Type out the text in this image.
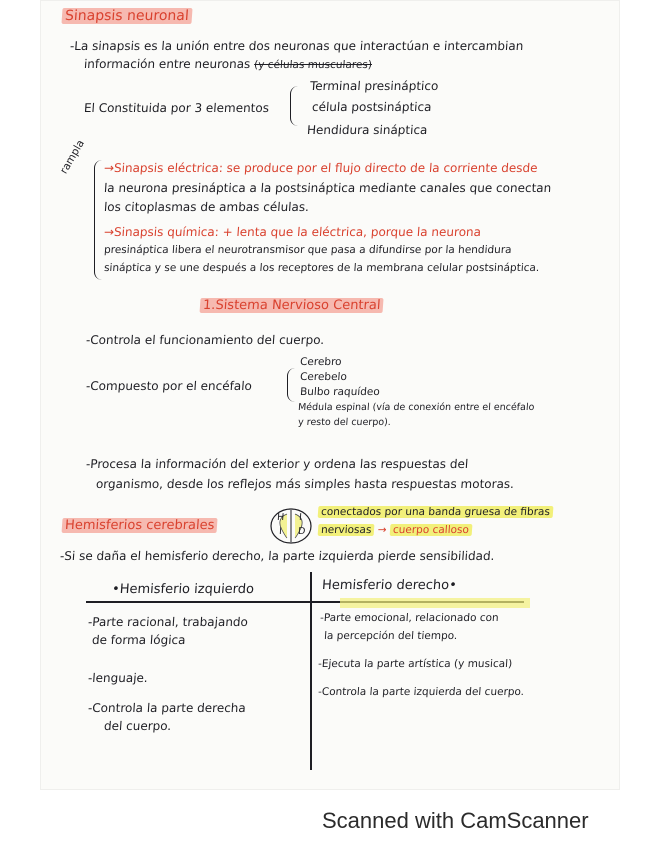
Sinapsis neuronal
-La sinapsis es la unión entre dos neuronas que interactúan e intercambian
información entre neuronas (y células musculares)
El Constituida por 3 elementos
Terminal presináptico
célula postsináptica
Hendidura sináptica
rampla →Sinapsis eléctrica: se produce por el flujo directo de la corriente desde
la neurona presináptica a la postsináptica mediante canales que conectan
los citoplasmas de ambas células.
→Sinapsis química: + lenta que la eléctrica, porque la neurona
presináptica libera el neurotransmisor que pasa a difundirse por la hendidura
sináptica y se une después a los receptores de la membrana celular postsináptica.
1.Sistema Nervioso Central
-Controla el funcionamiento del cuerpo.
-Compuesto por el encéfalo
Cerebro
Cerebelo
Bulbo raquídeo
Médula espinal (vía de conexión entre el encéfalo
y resto del cuerpo).
-Procesa la información del exterior y ordena las respuestas del
organismo, desde los reflejos más simples hasta respuestas motoras.
Hemisferios cerebrales
H
I
I
D
conectados por una banda gruesa de fibras
nerviosas → cuerpo calloso
-Si se daña el hemisferio derecho, la parte izquierda pierde sensibilidad.
•Hemisferio izquierdo	Hemisferio derecho•
-Parte racional, trabajando
de forma lógica
-lenguaje.
-Controla la parte derecha
del cuerpo.
-Parte emocional, relacionado con
la percepción del tiempo.
-Ejecuta la parte artística (y musical)
-Controla la parte izquierda del cuerpo.
Scanned with CamScanner
